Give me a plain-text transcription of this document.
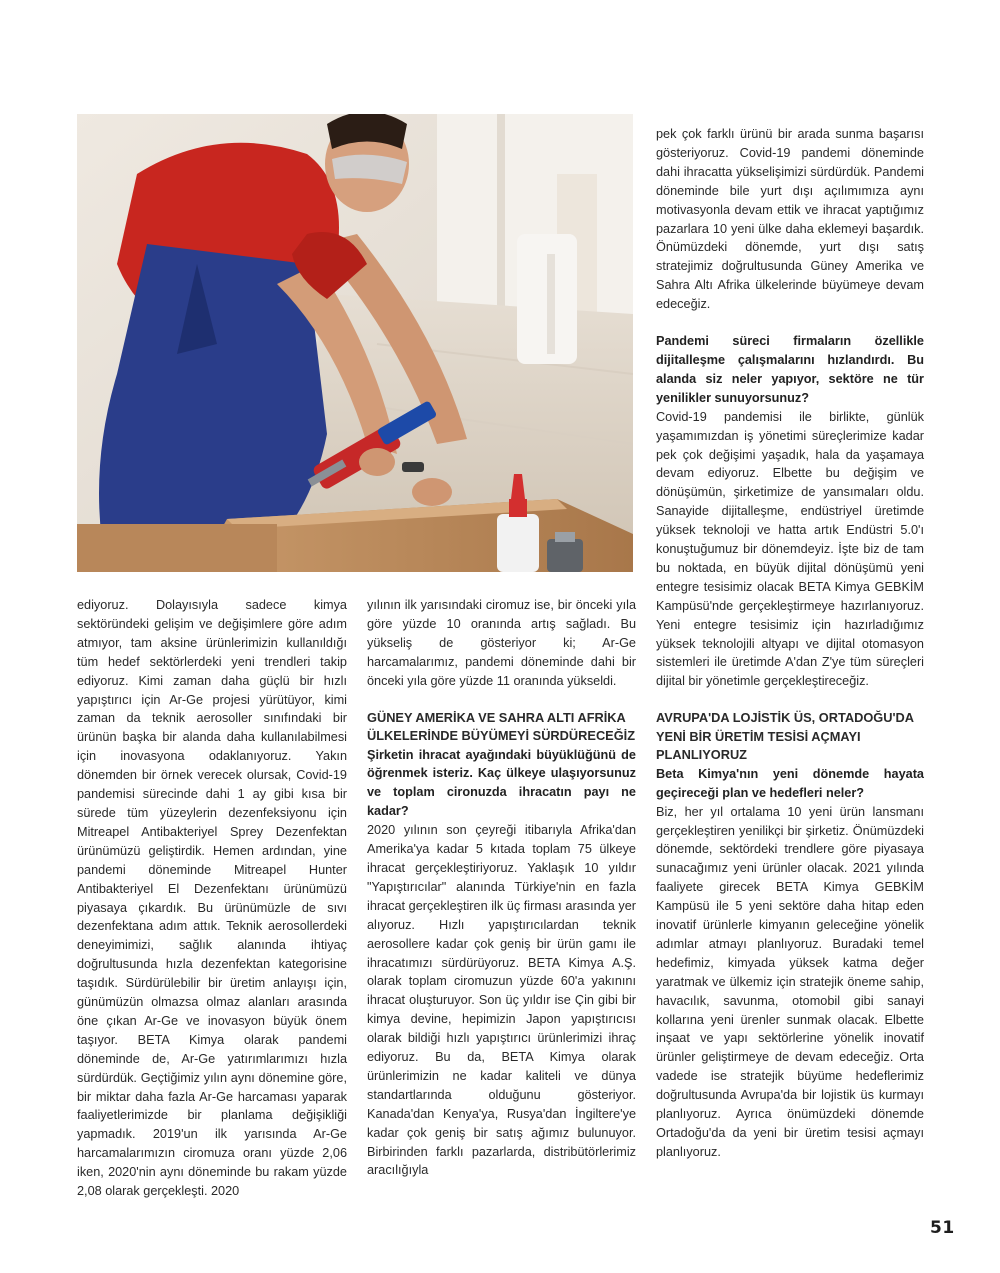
ediyoruz. Dolayısıyla sadece kimya sektöründeki gelişim ve değişimlere göre adım atmıyor, tam aksine ürünlerimizin kullanıldığı tüm hedef sektörlerdeki yeni trendleri takip ediyoruz. Kimi zaman daha güçlü bir hızlı yapıştırıcı için Ar-Ge projesi yürütüyor, kimi zaman da teknik aerosoller sınıfındaki bir ürünün başka bir alanda daha kullanılabilmesi için inovasyona odaklanıyoruz. Yakın dönemden bir örnek verecek olursak, Covid-19 pandemisi sürecinde dahi 1 ay gibi kısa bir sürede tüm yüzeylerin dezenfeksiyonu için Mitreapel Antibakteriyel Sprey Dezenfektan ürünümüzü geliştirdik. Hemen ardından, yine pandemi döneminde Mitreapel Hunter Antibakteriyel El Dezenfektanı ürünümüzü piyasaya çıkardık. Bu ürünümüzle de sıvı dezenfektana adım attık. Teknik aerosollerdeki deneyimimizi, sağlık alanında ihtiyaç doğrultusunda hızla dezenfektan kategorisine taşıdık. Sürdürülebilir bir üretim anlayışı için, günümüzün olmazsa olmaz alanları arasında öne çıkan Ar-Ge ve inovasyon büyük önem taşıyor. BETA Kimya olarak pandemi döneminde de, Ar-Ge yatırımlarımızı hızla sürdürdük. Geçtiğimiz yılın aynı dönemine göre, bir miktar daha fazla Ar-Ge harcaması yaparak faaliyetlerimizde bir planlama değişikliği yapmadık. 2019'un ilk yarısında Ar-Ge harcamalarımızın ciromuza oranı yüzde 2,06 iken, 2020'nin aynı döneminde bu rakam yüzde 2,08 olarak gerçekleşti. 2020

yılının ilk yarısındaki ciromuz ise, bir önceki yıla göre yüzde 10 oranında artış sağladı. Bu yükseliş de gösteriyor ki; Ar-Ge harcamalarımız, pandemi döneminde dahi bir önceki yıla göre yüzde 11 oranında yükseldi.

GÜNEY AMERİKA VE SAHRA ALTI AFRİKA ÜLKELERİNDE BÜYÜMEYİ SÜRDÜRECEĞİZ

Şirketin ihracat ayağındaki büyüklüğünü de öğrenmek isteriz. Kaç ülkeye ulaşıyorsunuz ve toplam cironuzda ihracatın payı ne kadar?

2020 yılının son çeyreği itibarıyla Afrika'dan Amerika'ya kadar 5 kıtada toplam 75 ülkeye ihracat gerçekleştiriyoruz. Yaklaşık 10 yıldır "Yapıştırıcılar" alanında Türkiye'nin en fazla ihracat gerçekleştiren ilk üç firması arasında yer alıyoruz. Hızlı yapıştırıcılardan teknik aerosollere kadar çok geniş bir ürün gamı ile ihracatımızı sürdürüyoruz. BETA Kimya A.Ş. olarak toplam ciromuzun yüzde 60'a yakınını ihracat oluşturuyor. Son üç yıldır ise Çin gibi bir kimya devine, hepimizin Japon yapıştırıcısı olarak bildiği hızlı yapıştırıcı ürünlerimizi ihraç ediyoruz. Bu da, BETA Kimya olarak ürünlerimizin ne kadar kaliteli ve dünya standartlarında olduğunu gösteriyor. Kanada'dan Kenya'ya, Rusya'dan İngiltere'ye kadar çok geniş bir satış ağımız bulunuyor. Birbirinden farklı pazarlarda, distribütörlerimiz aracılığıyla

pek çok farklı ürünü bir arada sunma başarısı gösteriyoruz. Covid-19 pandemi döneminde dahi ihracatta yükselişimizi sürdürdük. Pandemi döneminde bile yurt dışı açılımımıza aynı motivasyonla devam ettik ve ihracat yaptığımız pazarlara 10 yeni ülke daha eklemeyi başardık. Önümüzdeki dönemde, yurt dışı satış stratejimiz doğrultusunda Güney Amerika ve Sahra Altı Afrika ülkelerinde büyümeye devam edeceğiz.

Pandemi süreci firmaların özellikle dijitalleşme çalışmalarını hızlandırdı. Bu alanda siz neler yapıyor, sektöre ne tür yenilikler sunuyorsunuz?

Covid-19 pandemisi ile birlikte, günlük yaşamımızdan iş yönetimi süreçlerimize kadar pek çok değişimi yaşadık, hala da yaşamaya devam ediyoruz. Elbette bu değişim ve dönüşümün, şirketimize de yansımaları oldu. Sanayide dijitalleşme, endüstriyel üretimde yüksek teknoloji ve hatta artık Endüstri 5.0'ı konuştuğumuz bir dönemdeyiz. İşte biz de tam bu noktada, en büyük dijital dönüşümü yeni entegre tesisimiz olacak BETA Kimya GEBKİM Kampüsü'nde gerçekleştirmeye hazırlanıyoruz. Yeni entegre tesisimiz için hazırladığımız yüksek teknolojili altyapı ve dijital otomasyon sistemleri ile üretimde A'dan Z'ye tüm süreçleri dijital bir yönetimle gerçekleştireceğiz.

AVRUPA'DA LOJİSTİK ÜS, ORTADOĞU'DA YENİ BİR ÜRETİM TESİSİ AÇMAYI PLANLIYORUZ

Beta Kimya'nın yeni dönemde hayata geçireceği plan ve hedefleri neler?

Biz, her yıl ortalama 10 yeni ürün lansmanı gerçekleştiren yenilikçi bir şirketiz. Önümüzdeki dönemde, sektördeki trendlere göre piyasaya sunacağımız yeni ürünler olacak. 2021 yılında faaliyete girecek BETA Kimya GEBKİM Kampüsü ile 5 yeni sektöre daha hitap eden inovatif ürünlerle kimyanın geleceğine yönelik adımlar atmayı planlıyoruz. Buradaki temel hedefimiz, kimyada yüksek katma değer yaratmak ve ülkemiz için stratejik öneme sahip, havacılık, savunma, otomobil gibi sanayi kollarına yeni ürenler sunmak olacak. Elbette inşaat ve yapı sektörlerine yönelik inovatif ürünler geliştirmeye de devam edeceğiz. Orta vadede ise stratejik büyüme hedeflerimiz doğrultusunda Avrupa'da bir lojistik üs kurmayı planlıyoruz. Ayrıca önümüzdeki dönemde Ortadoğu'da da yeni bir üretim tesisi açmayı planlıyoruz.

51
